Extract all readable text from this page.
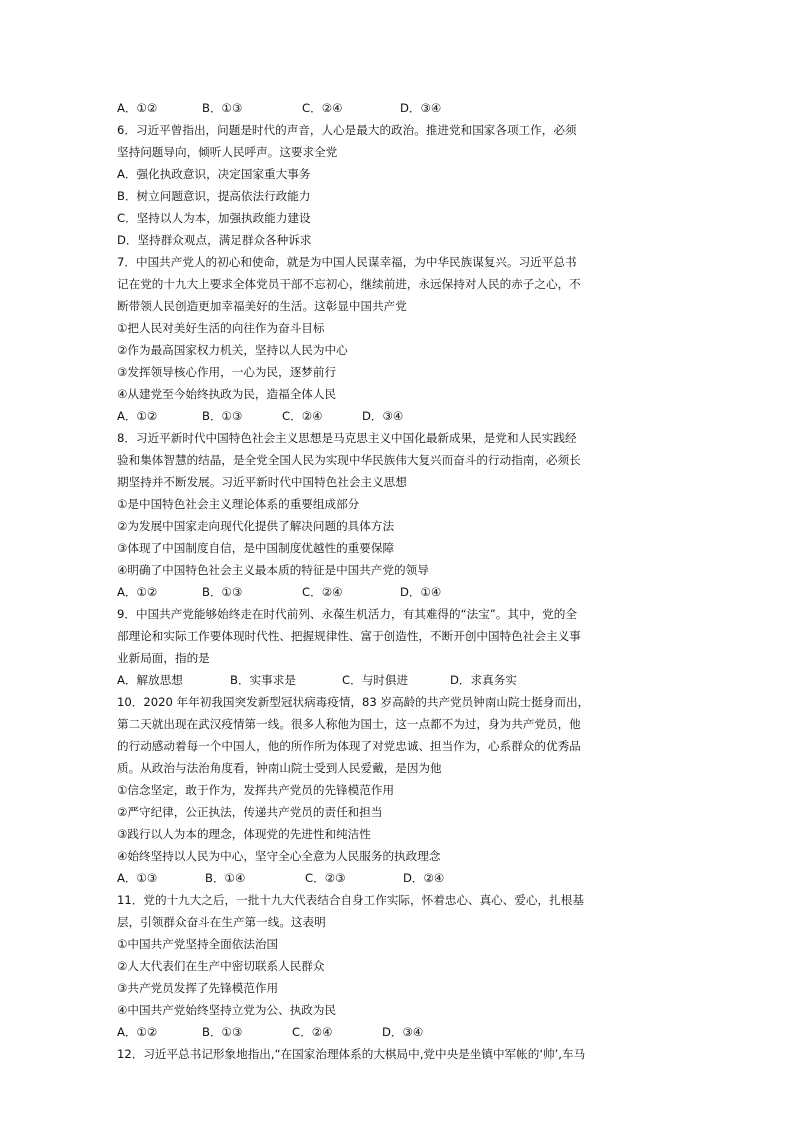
A．①②	B．①③	C．②④	D．③④
6．习近平曾指出，问题是时代的声音，人心是最大的政治。推进党和国家各项工作，必须
坚持问题导向，倾听人民呼声。这要求全党
A．强化执政意识，决定国家重大事务
B．树立问题意识，提高依法行政能力
C．坚持以人为本，加强执政能力建设
D．坚持群众观点，满足群众各种诉求
7．中国共产党人的初心和使命，就是为中国人民谋幸福，为中华民族谋复兴。习近平总书
记在党的十九大上要求全体党员干部不忘初心，继续前进，永远保持对人民的赤子之心，不
断带领人民创造更加幸福美好的生活。这彰显中国共产党
①把人民对美好生活的向往作为奋斗目标
②作为最高国家权力机关，坚持以人民为中心
③发挥领导核心作用，一心为民，逐梦前行
④从建党至今始终执政为民，造福全体人民
A．①②	B．①③	C．②④	D．③④
8．习近平新时代中国特色社会主义思想是马克思主义中国化最新成果，是党和人民实践经
验和集体智慧的结晶，是全党全国人民为实现中华民族伟大复兴而奋斗的行动指南，必须长
期坚持并不断发展。习近平新时代中国特色社会主义思想
①是中国特色社会主义理论体系的重要组成部分
②为发展中国家走向现代化提供了解决问题的具体方法
③体现了中国制度自信，是中国制度优越性的重要保障
④明确了中国特色社会主义最本质的特征是中国共产党的领导
A．①②	B．①③	C．②④	D．①④
9．中国共产党能够始终走在时代前列、永葆生机活力，有其难得的“法宝”。其中，党的全
部理论和实际工作要体现时代性、把握规律性、富于创造性，不断开创中国特色社会主义事
业新局面，指的是
A．解放思想	B．实事求是	C．与时俱进	D．求真务实
10．2020 年年初我国突发新型冠状病毒疫情，83 岁高龄的共产党员钟南山院士挺身而出，
第二天就出现在武汉疫情第一线。很多人称他为国士，这一点都不为过，身为共产党员，他
的行动感动着每一个中国人，他的所作所为体现了对党忠诚、担当作为，心系群众的优秀品
质。从政治与法治角度看，钟南山院士受到人民爱戴，是因为他
①信念坚定，敢于作为，发挥共产党员的先锋模范作用
②严守纪律，公正执法，传递共产党员的责任和担当
③践行以人为本的理念，体现党的先进性和纯洁性
④始终坚持以人民为中心，坚守全心全意为人民服务的执政理念
A．①③	B．①④	C．②③	D．②④
11．党的十九大之后，一批十九大代表结合自身工作实际，怀着忠心、真心、爱心，扎根基
层，引领群众奋斗在生产第一线。这表明
①中国共产党坚持全面依法治国
②人大代表们在生产中密切联系人民群众
③共产党员发挥了先锋模范作用
④中国共产党始终坚持立党为公、执政为民
A．①②	B．①③	C．②④	D．③④
12．习近平总书记形象地指出,“在国家治理体系的大棋局中,党中央是坐镇中军帐的‘帅’,车马
